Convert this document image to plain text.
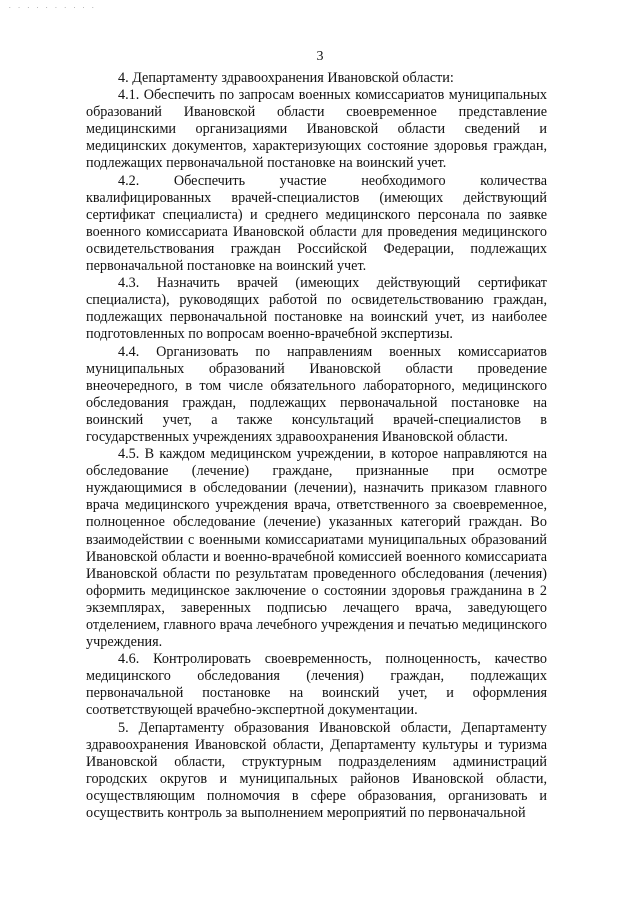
. . . . . . . . . .
3

4. Департаменту здравоохранения Ивановской области:

4.1. Обеспечить по запросам военных комиссариатов муниципальных образований Ивановской области своевременное представление медицинскими организациями Ивановской области сведений и медицинских документов, характеризующих состояние здоровья граждан, подлежащих первоначальной постановке на воинский учет.

4.2. Обеспечить участие необходимого количества квалифицированных врачей-специалистов (имеющих действующий сертификат специалиста) и среднего медицинского персонала по заявке военного комиссариата Ивановской области для проведения медицинского освидетельствования граждан Российской Федерации, подлежащих первоначальной постановке на воинский учет.

4.3. Назначить врачей (имеющих действующий сертификат специалиста), руководящих работой по освидетельствованию граждан, подлежащих первоначальной постановке на воинский учет, из наиболее подготовленных по вопросам военно-врачебной экспертизы.

4.4. Организовать по направлениям военных комиссариатов муниципальных образований Ивановской области проведение внеочередного, в том числе обязательного лабораторного, медицинского обследования граждан, подлежащих первоначальной постановке на воинский учет, а также консультаций врачей-специалистов в государственных учреждениях здравоохранения Ивановской области.

4.5. В каждом медицинском учреждении, в которое направляются на обследование (лечение) граждане, признанные при осмотре нуждающимися в обследовании (лечении), назначить приказом главного врача медицинского учреждения врача, ответственного за своевременное, полноценное обследование (лечение) указанных категорий граждан. Во взаимодействии с военными комиссариатами муниципальных образований Ивановской области и военно-врачебной комиссией военного комиссариата Ивановской области по результатам проведенного обследования (лечения) оформить медицинское заключение о состоянии здоровья гражданина в 2 экземплярах, заверенных подписью лечащего врача, заведующего отделением, главного врача лечебного учреждения и печатью медицинского учреждения.

4.6. Контролировать своевременность, полноценность, качество медицинского обследования (лечения) граждан, подлежащих первоначальной постановке на воинский учет, и оформления соответствующей врачебно-экспертной документации.

5. Департаменту образования Ивановской области, Департаменту здравоохранения Ивановской области, Департаменту культуры и туризма Ивановской области, структурным подразделениям администраций городских округов и муниципальных районов Ивановской области, осуществляющим полномочия в сфере образования, организовать и осуществить контроль за выполнением мероприятий по первоначальной
